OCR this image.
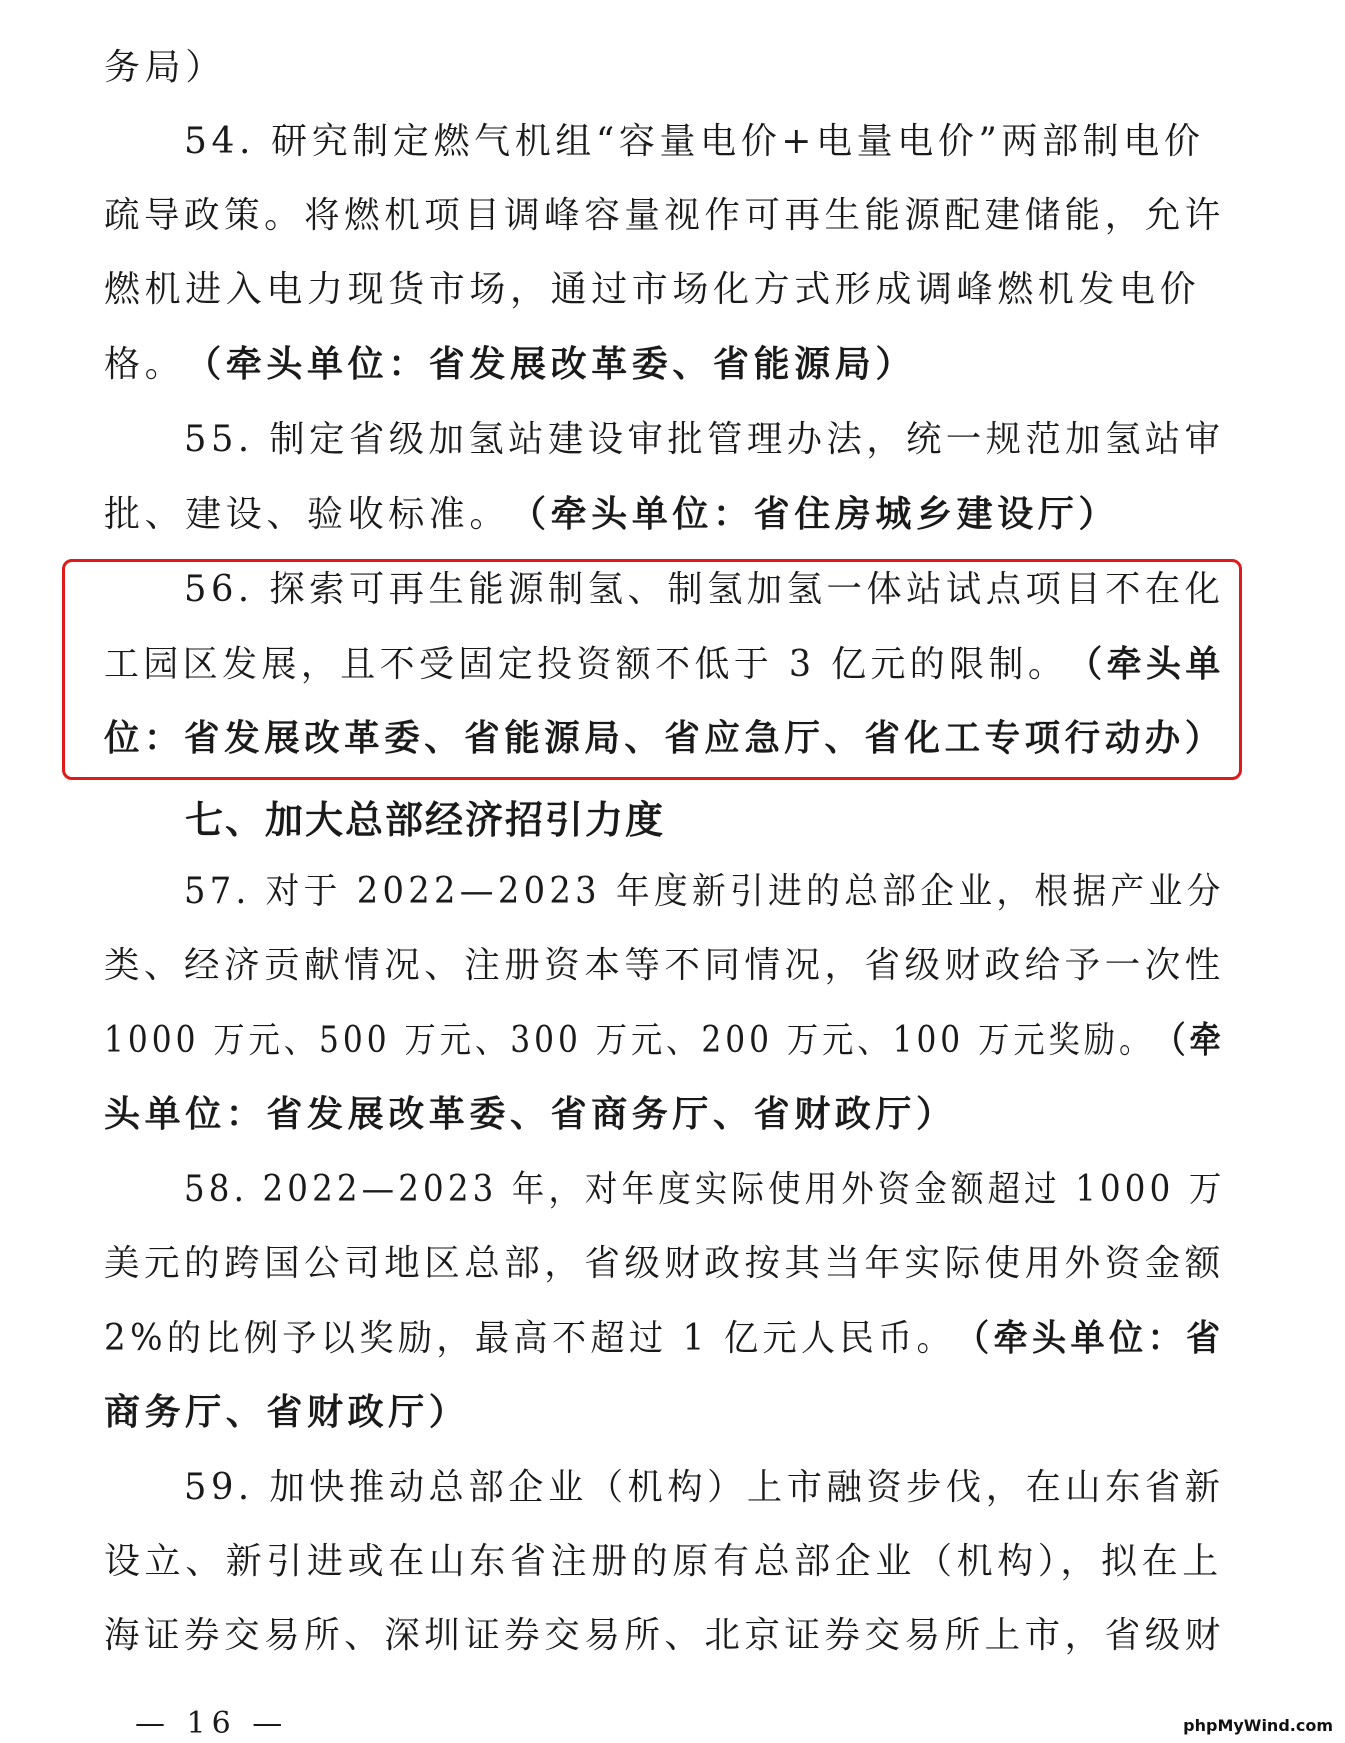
务局）
54. 研究制定燃气机组“容量电价+电量电价”两部制电价
疏导政策。将燃机项目调峰容量视作可再生能源配建储能，允许
燃机进入电力现货市场，通过市场化方式形成调峰燃机发电价
格。（牵头单位：省发展改革委、省能源局）
55. 制定省级加氢站建设审批管理办法，统一规范加氢站审
批、建设、验收标准。（牵头单位：省住房城乡建设厅）
56. 探索可再生能源制氢、制氢加氢一体站试点项目不在化
工园区发展，且不受固定投资额不低于 3 亿元的限制。（牵头单
位：省发展改革委、省能源局、省应急厅、省化工专项行动办）
七、加大总部经济招引力度
57. 对于 2022—2023 年度新引进的总部企业，根据产业分
类、经济贡献情况、注册资本等不同情况，省级财政给予一次性
1000 万元、500 万元、300 万元、200 万元、100 万元奖励。（牵
头单位：省发展改革委、省商务厅、省财政厅）
58. 2022—2023 年，对年度实际使用外资金额超过 1000 万
美元的跨国公司地区总部，省级财政按其当年实际使用外资金额
2%的比例予以奖励，最高不超过 1 亿元人民币。（牵头单位：省
商务厅、省财政厅）
59. 加快推动总部企业（机构）上市融资步伐，在山东省新
设立、新引进或在山东省注册的原有总部企业（机构），拟在上
海证券交易所、深圳证券交易所、北京证券交易所上市，省级财
— 16 —	phpMyWind.com
